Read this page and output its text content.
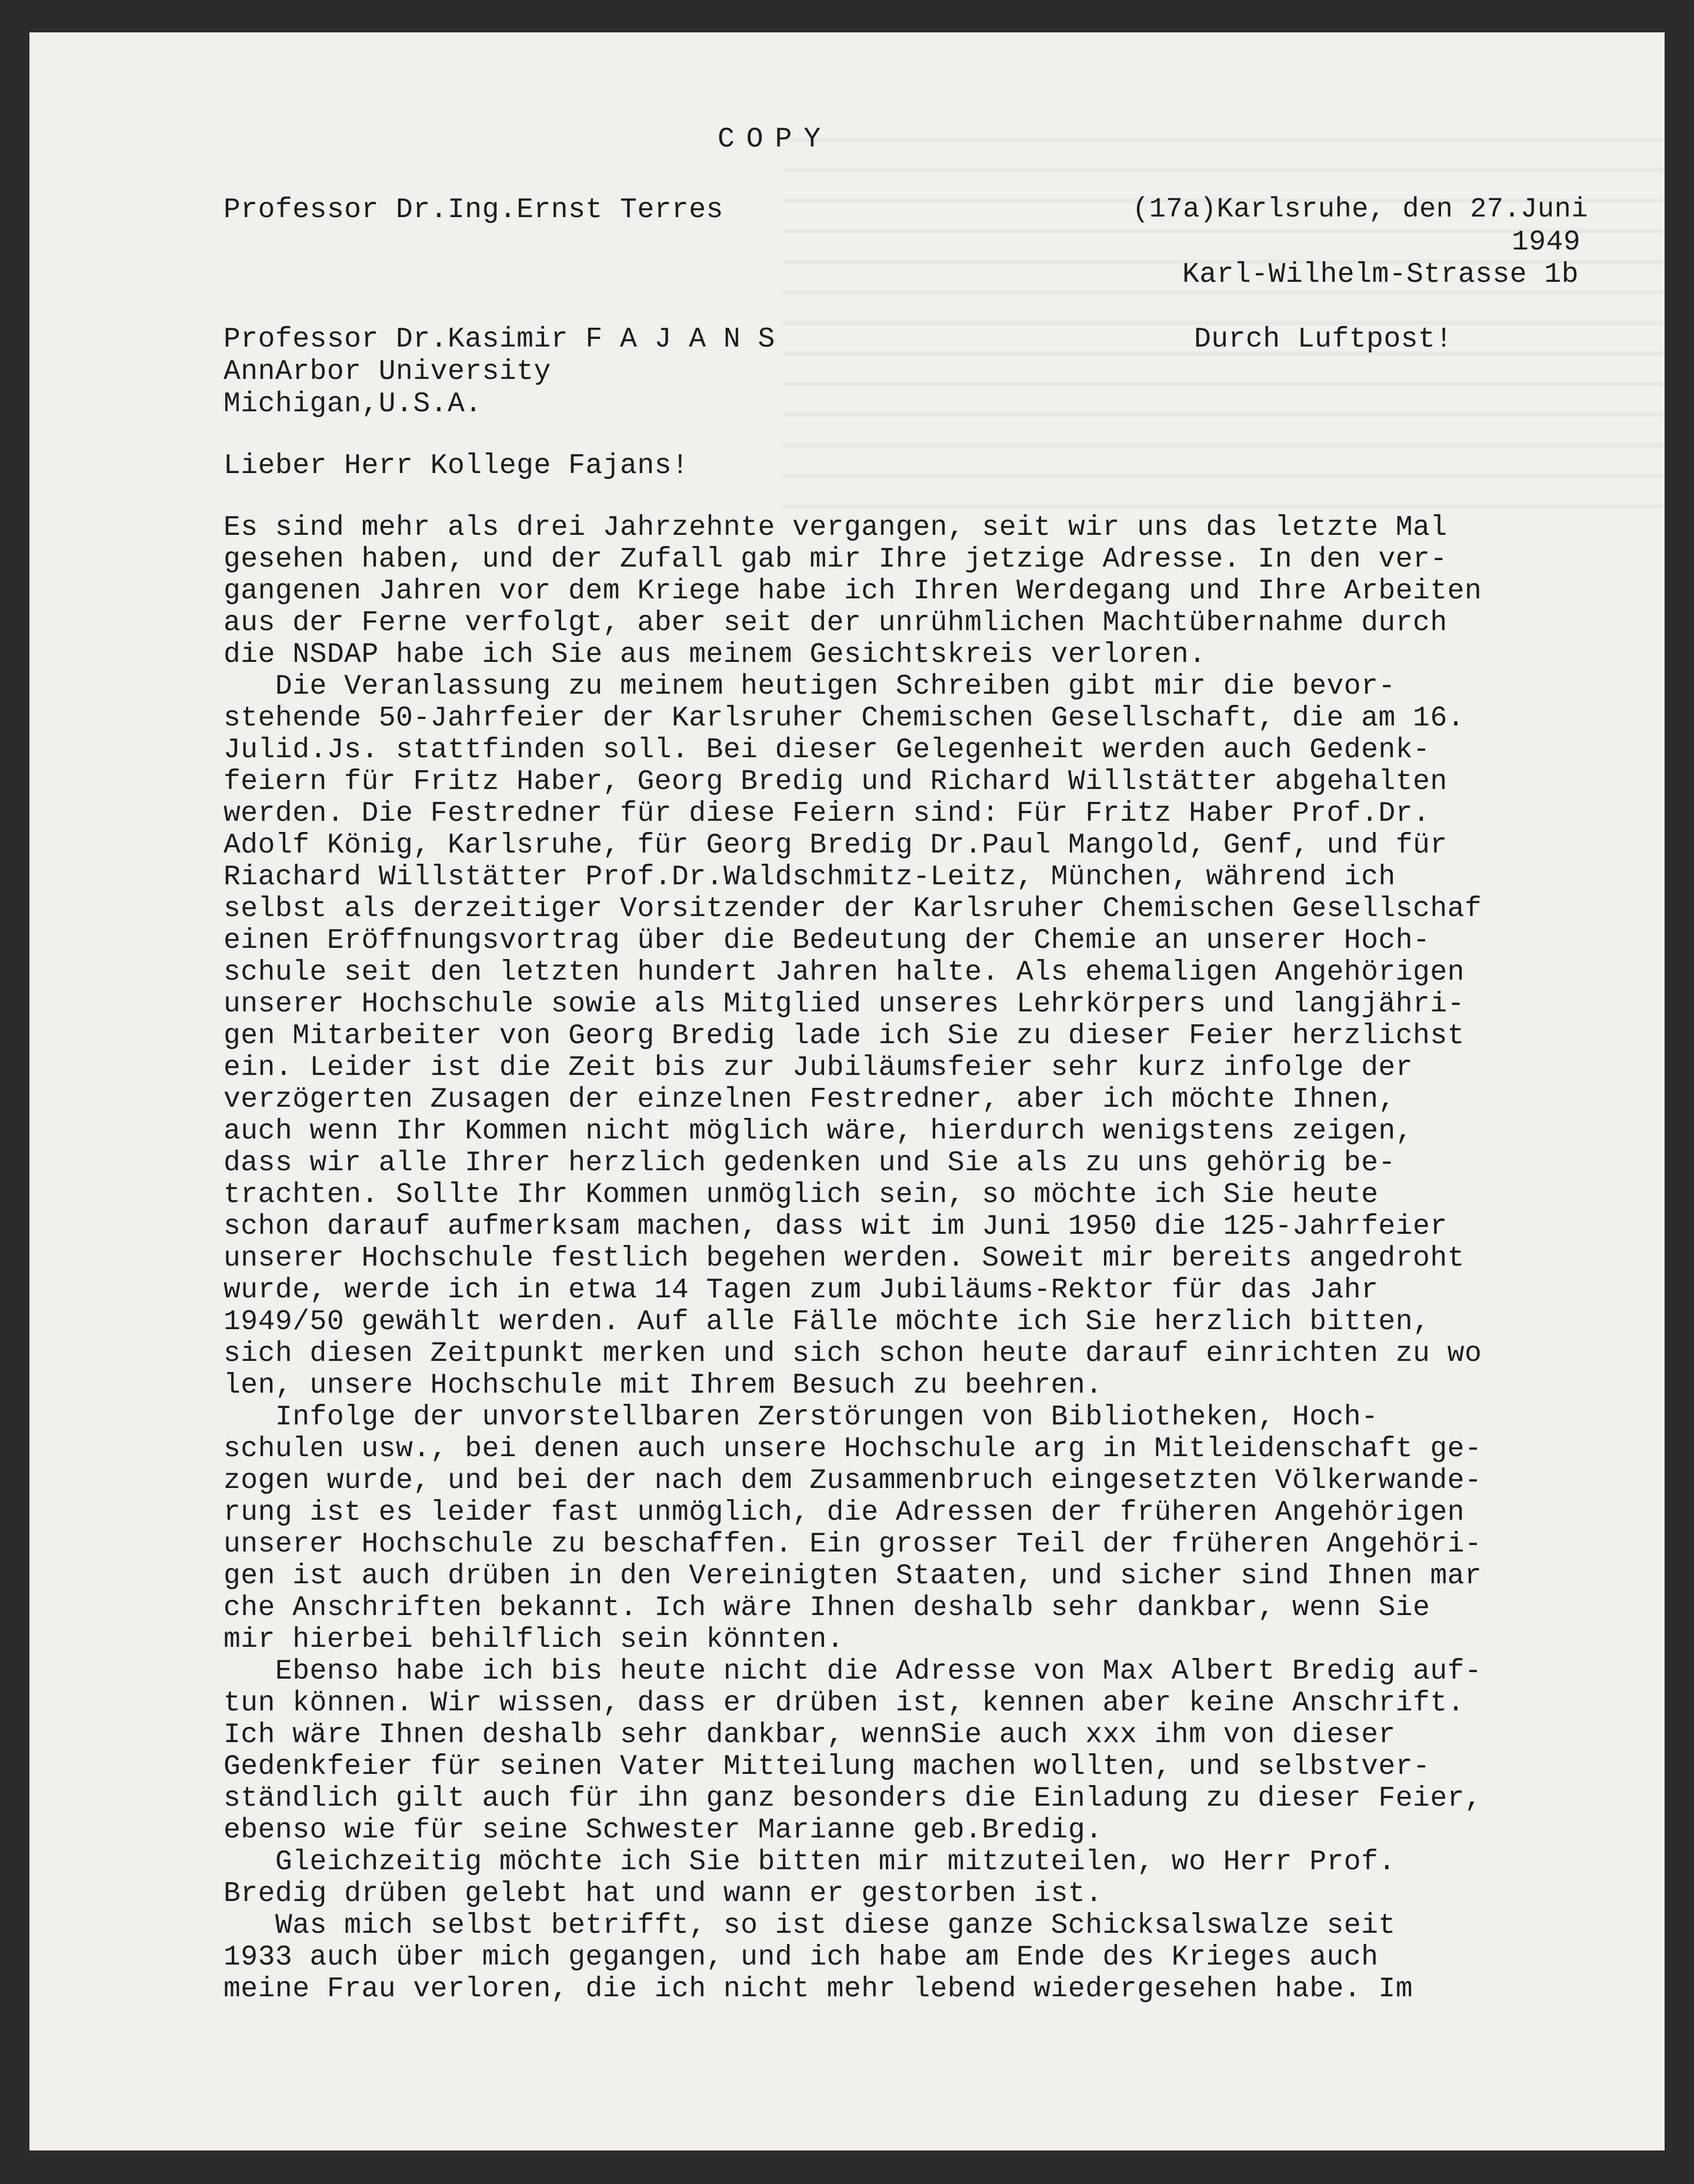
COPY
Professor Dr.Ing.Ernst Terres	(17a)Karlsruhe, den 27.Juni
1949
Karl-Wilhelm-Strasse 1b
Professor Dr.Kasimir F A J A N S
AnnArbor University
Michigan,U.S.A.
Durch Luftpost!
Lieber Herr Kollege Fajans!
Es sind mehr als drei Jahrzehnte vergangen, seit wir uns das letzte Mal
gesehen haben, und der Zufall gab mir Ihre jetzige Adresse. In den ver-
gangenen Jahren vor dem Kriege habe ich Ihren Werdegang und Ihre Arbeiten
aus der Ferne verfolgt, aber seit der unrühmlichen Machtübernahme durch
die NSDAP habe ich Sie aus meinem Gesichtskreis verloren.
Die Veranlassung zu meinem heutigen Schreiben gibt mir die bevor-
stehende 50-Jahrfeier der Karlsruher Chemischen Gesellschaft, die am 16.
Julid.Js. stattfinden soll. Bei dieser Gelegenheit werden auch Gedenk-
feiern für Fritz Haber, Georg Bredig und Richard Willstätter abgehalten
werden. Die Festredner für diese Feiern sind: Für Fritz Haber Prof.Dr.
Adolf König, Karlsruhe, für Georg Bredig Dr.Paul Mangold, Genf, und für
Riachard Willstätter Prof.Dr.Waldschmitz-Leitz, München, während ich
selbst als derzeitiger Vorsitzender der Karlsruher Chemischen Gesellschaf
einen Eröffnungsvortrag über die Bedeutung der Chemie an unserer Hoch-
schule seit den letzten hundert Jahren halte. Als ehemaligen Angehörigen
unserer Hochschule sowie als Mitglied unseres Lehrkörpers und langjähri-
gen Mitarbeiter von Georg Bredig lade ich Sie zu dieser Feier herzlichst
ein. Leider ist die Zeit bis zur Jubiläumsfeier sehr kurz infolge der
verzögerten Zusagen der einzelnen Festredner, aber ich möchte Ihnen,
auch wenn Ihr Kommen nicht möglich wäre, hierdurch wenigstens zeigen,
dass wir alle Ihrer herzlich gedenken und Sie als zu uns gehörig be-
trachten. Sollte Ihr Kommen unmöglich sein, so möchte ich Sie heute
schon darauf aufmerksam machen, dass wit im Juni 1950 die 125-Jahrfeier
unserer Hochschule festlich begehen werden. Soweit mir bereits angedroht
wurde, werde ich in etwa 14 Tagen zum Jubiläums-Rektor für das Jahr
1949/50 gewählt werden. Auf alle Fälle möchte ich Sie herzlich bitten,
sich diesen Zeitpunkt merken und sich schon heute darauf einrichten zu wo
len, unsere Hochschule mit Ihrem Besuch zu beehren.
Infolge der unvorstellbaren Zerstörungen von Bibliotheken, Hoch-
schulen usw., bei denen auch unsere Hochschule arg in Mitleidenschaft ge-
zogen wurde, und bei der nach dem Zusammenbruch eingesetzten Völkerwande-
rung ist es leider fast unmöglich, die Adressen der früheren Angehörigen
unserer Hochschule zu beschaffen. Ein grosser Teil der früheren Angehöri-
gen ist auch drüben in den Vereinigten Staaten, und sicher sind Ihnen mar
che Anschriften bekannt. Ich wäre Ihnen deshalb sehr dankbar, wenn Sie
mir hierbei behilflich sein könnten.
Ebenso habe ich bis heute nicht die Adresse von Max Albert Bredig auf-
tun können. Wir wissen, dass er drüben ist, kennen aber keine Anschrift.
Ich wäre Ihnen deshalb sehr dankbar, wennSie auch xxx ihm von dieser
Gedenkfeier für seinen Vater Mitteilung machen wollten, und selbstver-
ständlich gilt auch für ihn ganz besonders die Einladung zu dieser Feier,
ebenso wie für seine Schwester Marianne geb.Bredig.
Gleichzeitig möchte ich Sie bitten mir mitzuteilen, wo Herr Prof.
Bredig drüben gelebt hat und wann er gestorben ist.
Was mich selbst betrifft, so ist diese ganze Schicksalswalze seit
1933 auch über mich gegangen, und ich habe am Ende des Krieges auch
meine Frau verloren, die ich nicht mehr lebend wiedergesehen habe. Im
